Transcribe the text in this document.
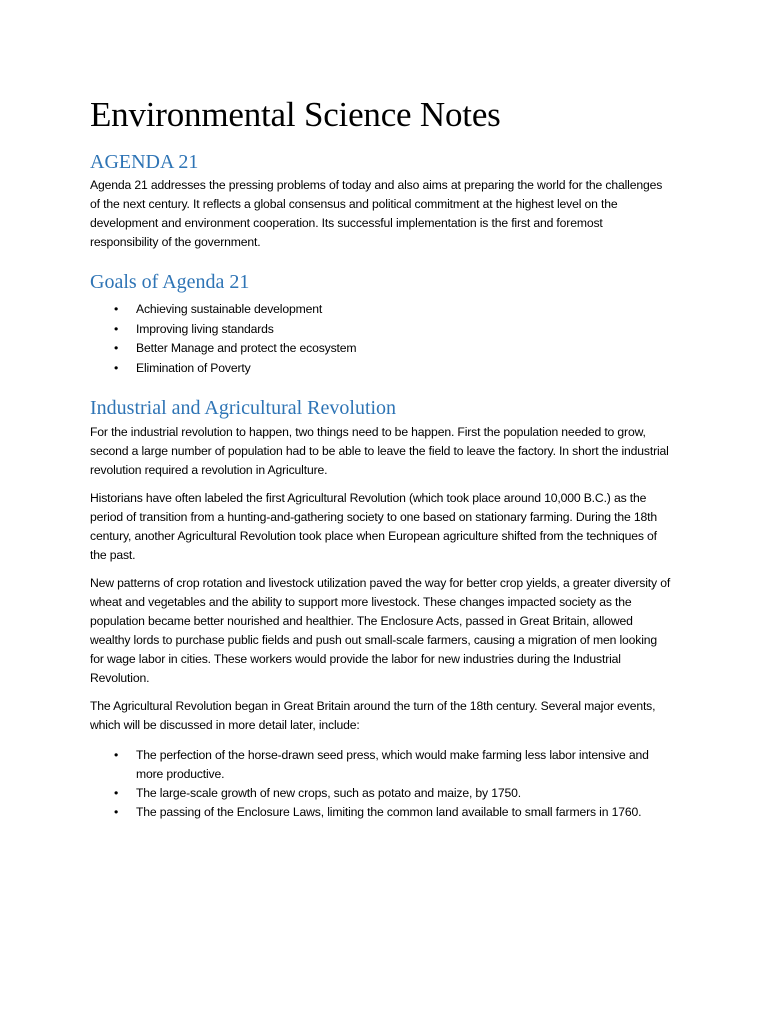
Environmental Science Notes
AGENDA 21

Agenda 21 addresses the pressing problems of today and also aims at preparing the world for the challenges of the next century. It reflects a global consensus and political commitment at the highest level on the development and environment cooperation. Its successful implementation is the first and foremost responsibility of the government.

Goals of Agenda 21
• Achieving sustainable development
• Improving living standards
• Better Manage and protect the ecosystem
• Elimination of Poverty
Industrial and Agricultural Revolution

For the industrial revolution to happen, two things need to be happen. First the population needed to grow, second a large number of population had to be able to leave the field to leave the factory. In short the industrial revolution required a revolution in Agriculture.

Historians have often labeled the first Agricultural Revolution (which took place around 10,000 B.C.) as the period of transition from a hunting-and-gathering society to one based on stationary farming. During the 18th century, another Agricultural Revolution took place when European agriculture shifted from the techniques of the past.

New patterns of crop rotation and livestock utilization paved the way for better crop yields, a greater diversity of wheat and vegetables and the ability to support more livestock. These changes impacted society as the population became better nourished and healthier. The Enclosure Acts, passed in Great Britain, allowed wealthy lords to purchase public fields and push out small-scale farmers, causing a migration of men looking for wage labor in cities. These workers would provide the labor for new industries during the Industrial Revolution.

The Agricultural Revolution began in Great Britain around the turn of the 18th century. Several major events, which will be discussed in more detail later, include:

• The perfection of the horse-drawn seed press, which would make farming less labor intensive and more productive.
• The large-scale growth of new crops, such as potato and maize, by 1750.
• The passing of the Enclosure Laws, limiting the common land available to small farmers in 1760.
